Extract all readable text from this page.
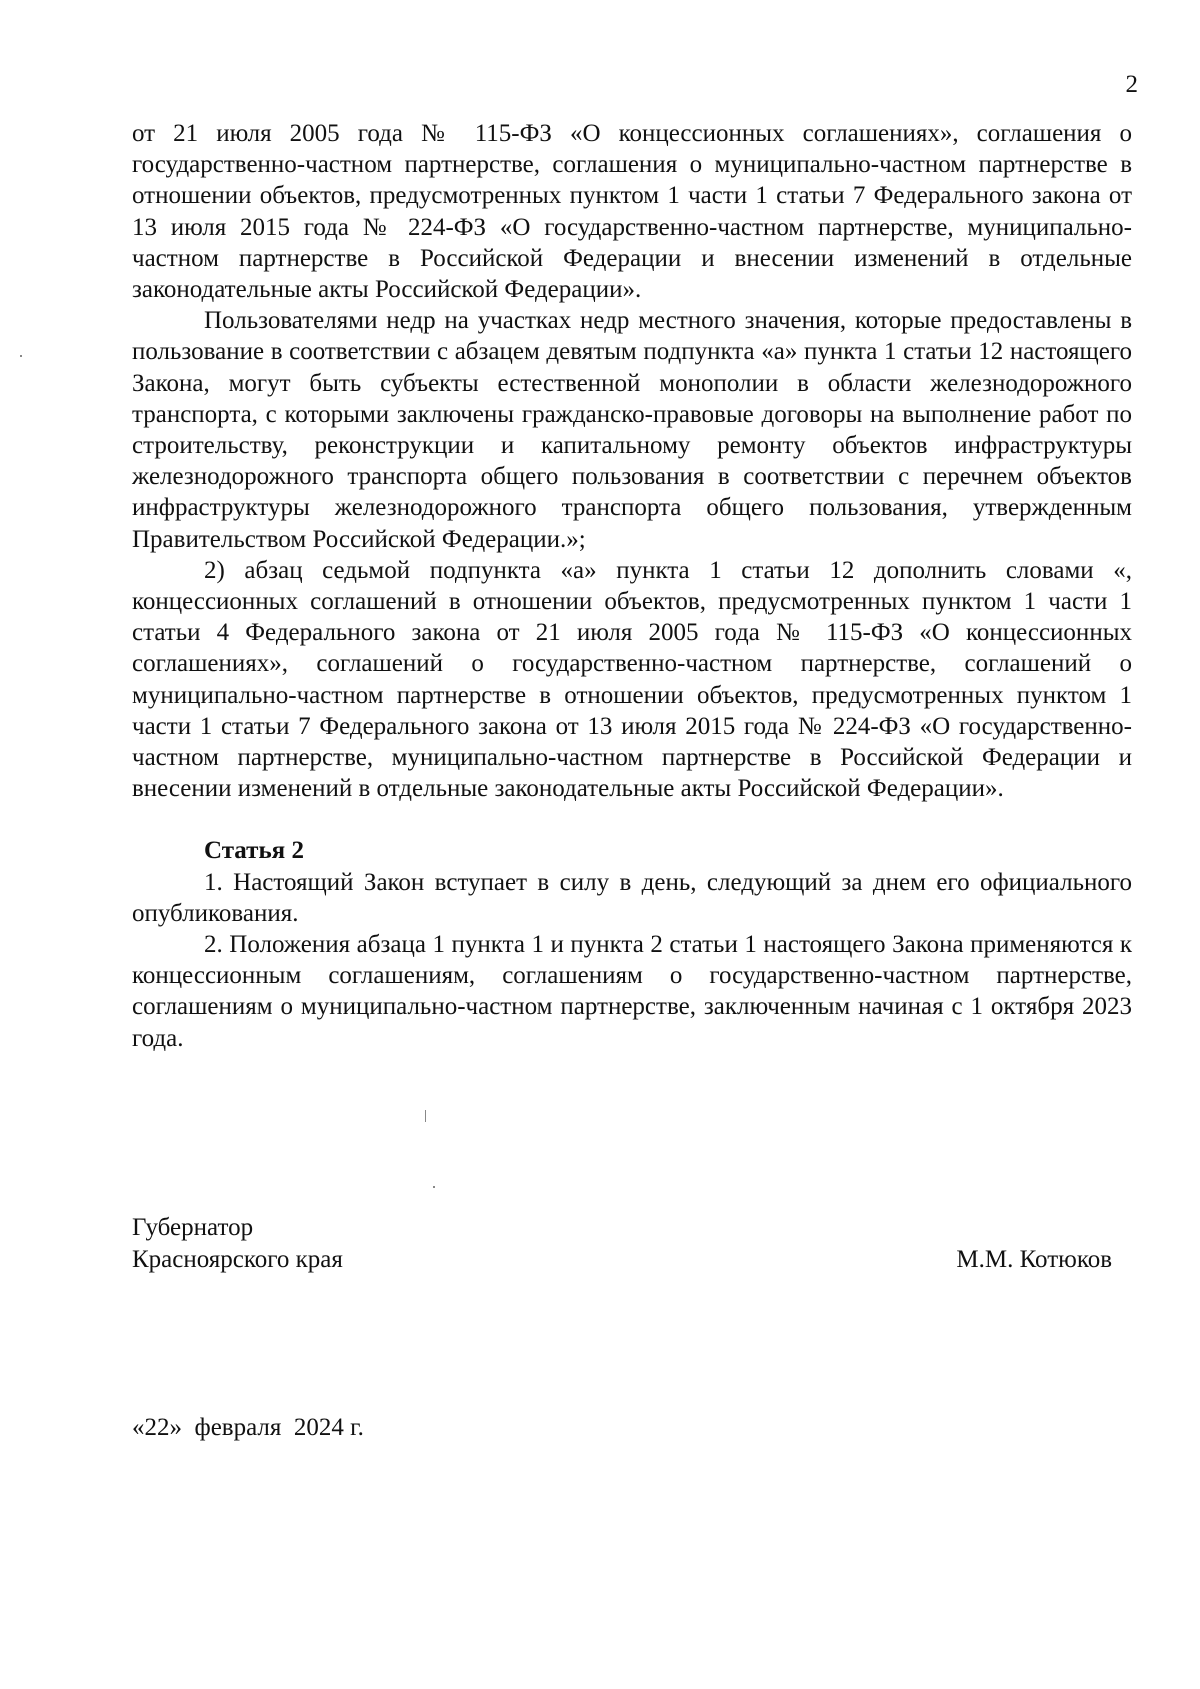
2

от 21 июля 2005 года № 115-ФЗ «О концессионных соглашениях», соглашения о государственно-частном партнерстве, соглашения о муниципально-частном партнерстве в отношении объектов, предусмотренных пунктом 1 части 1 статьи 7 Федерального закона от 13 июля 2015 года № 224-ФЗ «О государственно-частном партнерстве, муниципально-частном партнерстве в Российской Федерации и внесении изменений в отдельные законодательные акты Российской Федерации».

Пользователями недр на участках недр местного значения, которые предоставлены в пользование в соответствии с абзацем девятым подпункта «а» пункта 1 статьи 12 настоящего Закона, могут быть субъекты естественной монополии в области железнодорожного транспорта, с которыми заключены гражданско-правовые договоры на выполнение работ по строительству, реконструкции и капитальному ремонту объектов инфраструктуры железнодорожного транспорта общего пользования в соответствии с перечнем объектов инфраструктуры железнодорожного транспорта общего пользования, утвержденным Правительством Российской Федерации.»;

2) абзац седьмой подпункта «а» пункта 1 статьи 12 дополнить словами «, концессионных соглашений в отношении объектов, предусмотренных пунктом 1 части 1 статьи 4 Федерального закона от 21 июля 2005 года № 115-ФЗ «О концессионных соглашениях», соглашений о государственно-частном партнерстве, соглашений о муниципально-частном партнерстве в отношении объектов, предусмотренных пунктом 1 части 1 статьи 7 Федерального закона от 13 июля 2015 года № 224-ФЗ «О государственно-частном партнерстве, муниципально-частном партнерстве в Российской Федерации и внесении изменений в отдельные законодательные акты Российской Федерации».

Статья 2

1. Настоящий Закон вступает в силу в день, следующий за днем его официального опубликования.

2. Положения абзаца 1 пункта 1 и пункта 2 статьи 1 настоящего Закона применяются к концессионным соглашениям, соглашениям о государственно-частном партнерстве, соглашениям о муниципально-частном партнерстве, заключенным начиная с 1 октября 2023 года.

Губернатор
Красноярского края	М.М. Котюков
«22»  февраля  2024 г.
